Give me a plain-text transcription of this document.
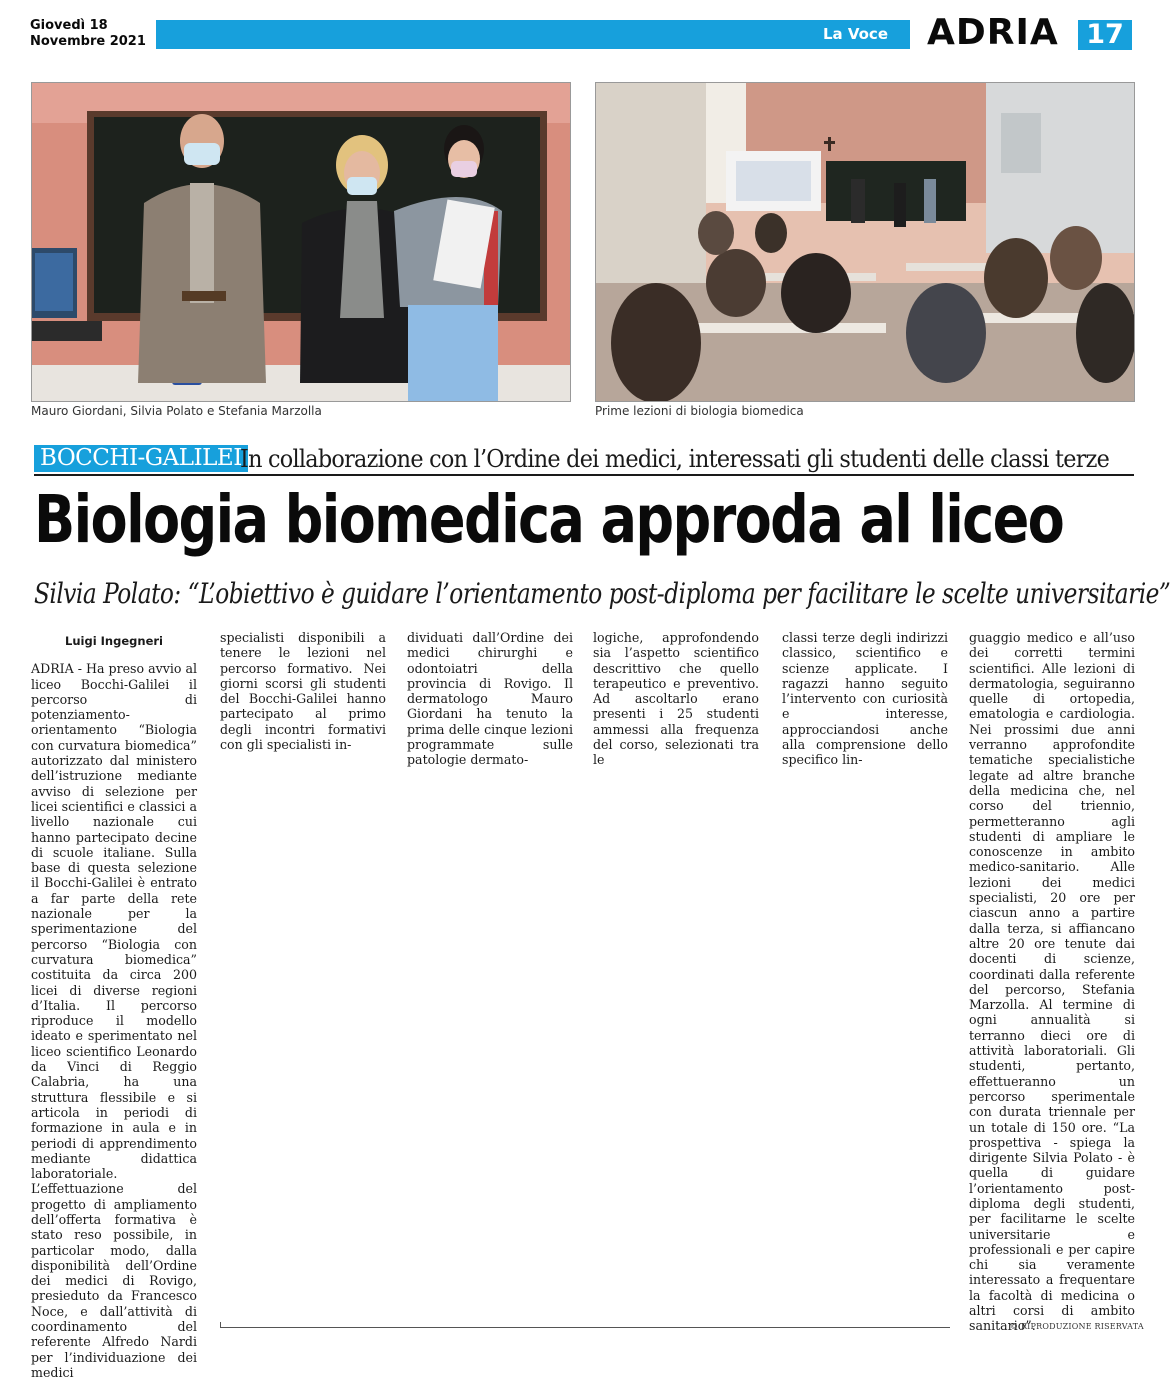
Giovedì 18
Novembre 2021	La Voce ADRIA	17
Mauro Giordani, Silvia Polato e Stefania Marzolla	Prime lezioni di biologia biomedica
BOCCHI-GALILEI
In collaborazione con l’Ordine dei medici, interessati gli studenti delle classi terze
Biologia biomedica approda al liceo
Silvia Polato: “L’obiettivo è guidare l’orientamento post-diploma per facilitare le scelte universitarie”
Luigi Ingegneri

ADRIA - Ha preso avvio al liceo Bocchi-Galilei il percorso di potenziamento-orientamento “Biologia con curvatura biomedica” autorizzato dal ministero dell’istruzione mediante avviso di selezione per licei scientifici e classici a livello nazionale cui hanno partecipato decine di scuole italiane. Sulla base di questa selezione il Bocchi-Galilei è entrato a far parte della rete nazionale per la sperimentazione del percorso “Biologia con curvatura biomedica” costituita da circa 200 licei di diverse regioni d’Italia. Il percorso riproduce il modello ideato e sperimentato nel liceo scientifico Leonardo da Vinci di Reggio Calabria, ha una struttura flessibile e si articola in periodi di formazione in aula e in periodi di apprendimento mediante didattica laboratoriale. L’effettuazione del progetto di ampliamento dell’offerta formativa è stato reso possibile, in particolar modo, dalla disponibilità dell’Ordine dei medici di Rovigo, presieduto da Francesco Noce, e dall’attività di coordinamento del referente Alfredo Nardi per l’individuazione dei medici

specialisti disponibili a tenere le lezioni nel percorso formativo. Nei giorni scorsi gli studenti del Bocchi-Galilei hanno partecipato al primo degli incontri formativi con gli specialisti in-

dividuati dall’Ordine dei medici chirurghi e odontoiatri della provincia di Rovigo. Il dermatologo Mauro Giordani ha tenuto la prima delle cinque lezioni programmate sulle patologie dermato-

logiche, approfondendo sia l’aspetto scientifico descrittivo che quello terapeutico e preventivo. Ad ascoltarlo erano presenti i 25 studenti ammessi alla frequenza del corso, selezionati tra le

classi terze degli indirizzi classico, scientifico e scienze applicate. I ragazzi hanno seguito l’intervento con curiosità e interesse, approcciandosi anche alla comprensione dello specifico lin-

guaggio medico e all’uso dei corretti termini scientifici. Alle lezioni di dermatologia, seguiranno quelle di ortopedia, ematologia e cardiologia. Nei prossimi due anni verranno approfondite tematiche specialistiche legate ad altre branche della medicina che, nel corso del triennio, permetteranno agli studenti di ampliare le conoscenze in ambito medico-sanitario. Alle lezioni dei medici specialisti, 20 ore per ciascun anno a partire dalla terza, si affiancano altre 20 ore tenute dai docenti di scienze, coordinati dalla referente del percorso, Stefania Marzolla. Al termine di ogni annualità si terranno dieci ore di attività laboratoriali. Gli studenti, pertanto, effettueranno un percorso sperimentale con durata triennale per un totale di 150 ore. “La prospettiva - spiega la dirigente Silvia Polato - è quella di guidare l’orientamento post-diploma degli studenti, per facilitarne le scelte universitarie e professionali e per capire chi sia veramente interessato a frequentare la facoltà di medicina o altri corsi di ambito sanitario”.

© RIPRODUZIONE RISERVATA
